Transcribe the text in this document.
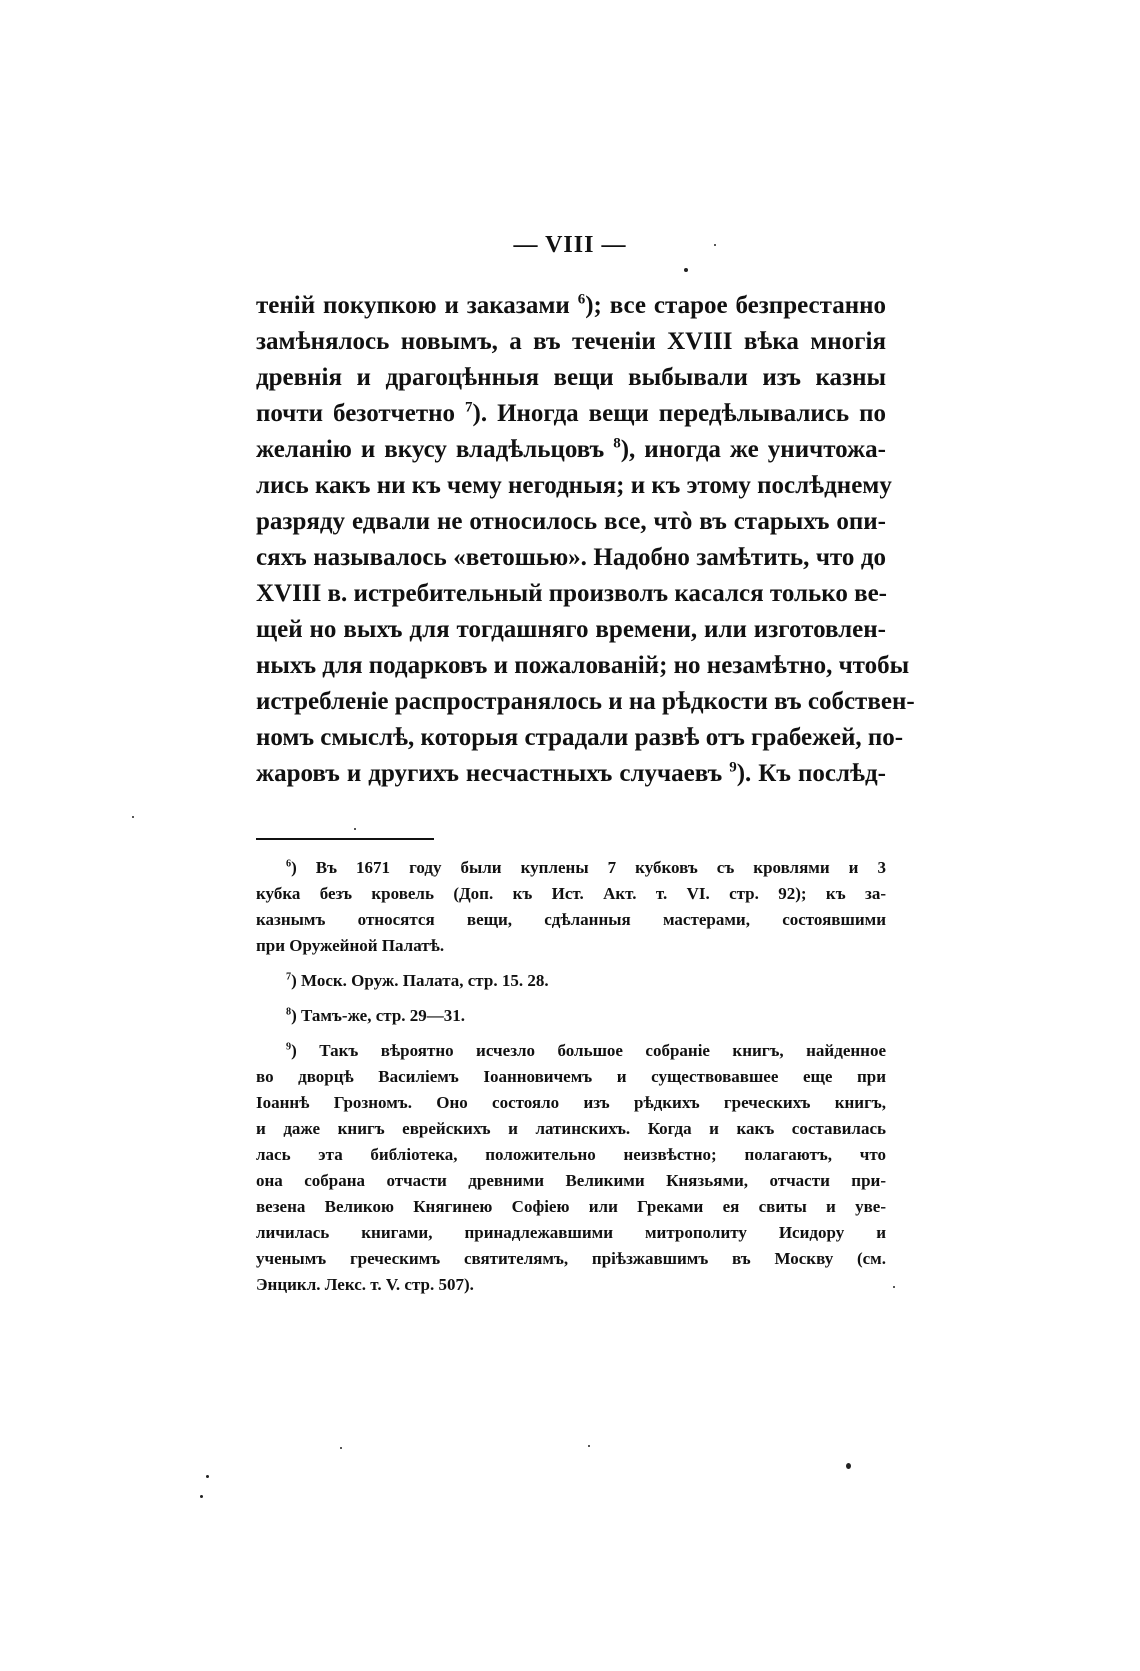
— VIII —
тенiй покупкою и заказами $^6$); все старое безпрестанно
замѣнялось новымъ, а въ теченiи XVIII вѣка многiя
древнiя и драгоцѣнныя вещи выбывали изъ казны
почти безотчетно $^7$). Иногда вещи передѣлывались по
желанiю и вкусу владѣльцовъ $^8$), иногда же уничтожа-
лись какъ ни къ чему негодныя; и къ этому послѣднему
разряду едвали не относилось все, чтò въ старыхъ опи-
сяхъ называлось «ветошью». Надобно замѣтить, что до
XVIII в. истребительный произволъ касался только ве-
щей но выхъ для тогдашняго времени, или изготовлен-
ныхъ для подарковъ и пожалованiй; но незамѣтно, чтобы
истребленiе распространялось и на рѣдкости въ собствен-
номъ смыслѣ, которыя страдали развѣ отъ грабежей, по-
жаровъ и другихъ несчастныхъ случаевъ $^9$). Къ послѣд-
$^6$) Въ 1671 году были куплены 7 кубковъ съ кровлями и 3
кубка безъ кровель (Доп. къ Ист. Акт. т. VI. стр. 92); къ за-
казнымъ относятся вещи, сдѣланныя мастерами, состоявшими
при Оружейной Палатѣ.
$^7$) Моск. Оруж. Палата, стр. 15. 28.
$^8$) Тамъ-же, стр. 29—31.
$^9$) Такъ вѣроятно исчезло большое собранiе книгъ, найденное
во дворцѣ Василiемъ Iоанновичемъ и существовавшее еще при
Iоаннѣ Грозномъ. Оно состояло изъ рѣдкихъ греческихъ книгъ,
и даже книгъ еврейскихъ и латинскихъ. Когда и какъ составилась
лась эта библiотека, положительно неизвѣстно; полагаютъ, что
она собрана отчасти древними Великими Князьями, отчасти при-
везена Великою Княгинею Софiею или Греками ея свиты и уве-
личилась книгами, принадлежавшими митрополиту Исидору и
ученымъ греческимъ святителямъ, прiѣзжавшимъ въ Москву (см.
Энцикл. Лекс. т. V. стр. 507).
